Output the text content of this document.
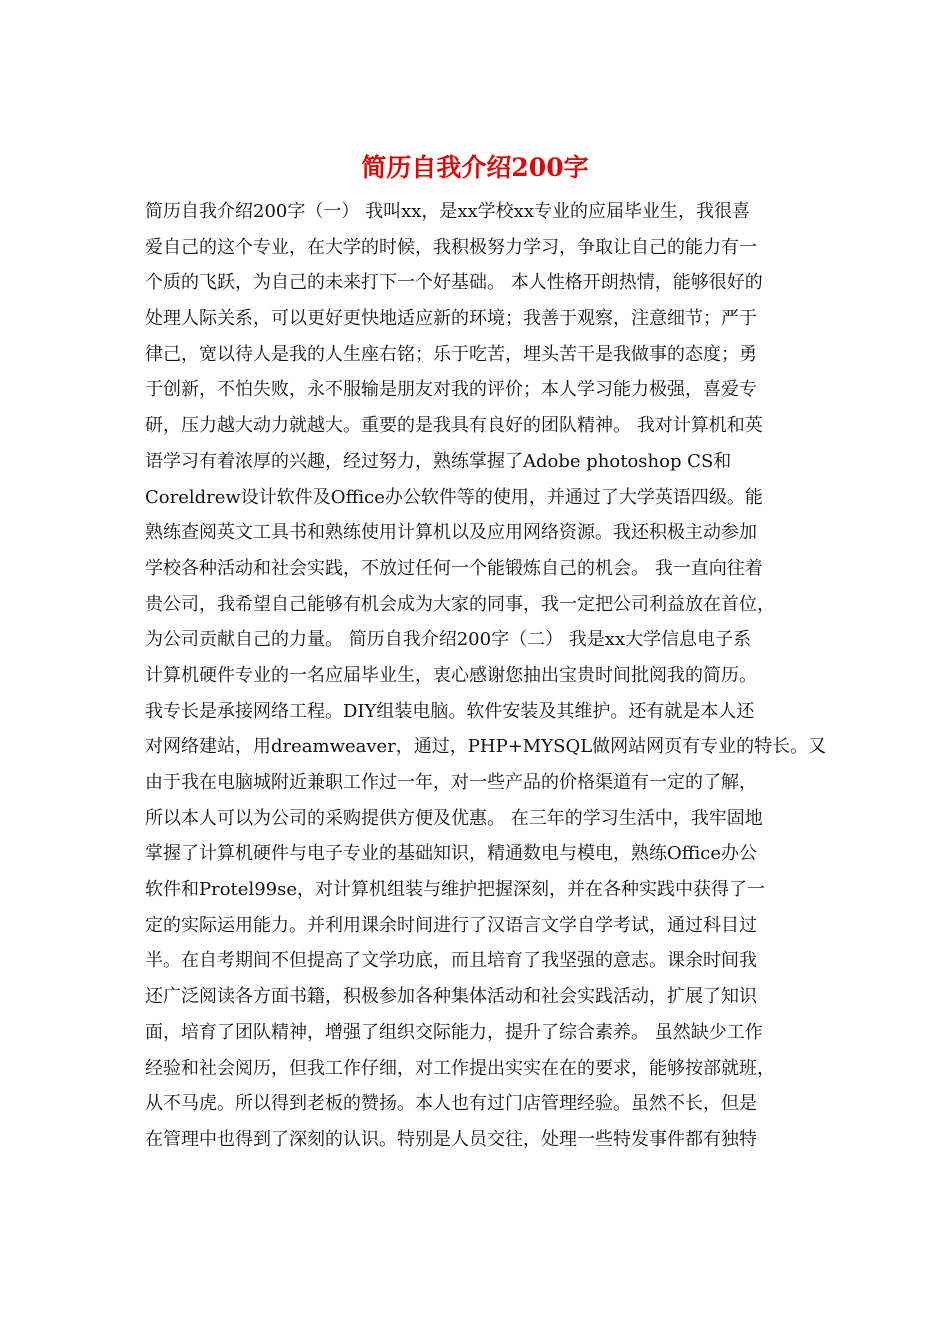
简历自我介绍200字
简历自我介绍200字（一） 我叫xx，是xx学校xx专业的应届毕业生，我很喜
爱自己的这个专业，在大学的时候，我积极努力学习，争取让自己的能力有一
个质的飞跃，为自己的未来打下一个好基础。 本人性格开朗热情，能够很好的
处理人际关系，可以更好更快地适应新的环境；我善于观察，注意细节；严于
律己，宽以待人是我的人生座右铭；乐于吃苦，埋头苦干是我做事的态度；勇
于创新，不怕失败，永不服输是朋友对我的评价；本人学习能力极强，喜爱专
研，压力越大动力就越大。重要的是我具有良好的团队精神。 我对计算机和英
语学习有着浓厚的兴趣，经过努力，熟练掌握了Adobe photoshop CS和
Coreldrew设计软件及Office办公软件等的使用，并通过了大学英语四级。能
熟练查阅英文工具书和熟练使用计算机以及应用网络资源。我还积极主动参加
学校各种活动和社会实践，不放过任何一个能锻炼自己的机会。 我一直向往着
贵公司，我希望自己能够有机会成为大家的同事，我一定把公司利益放在首位，
为公司贡献自己的力量。 简历自我介绍200字（二） 我是xx大学信息电子系
计算机硬件专业的一名应届毕业生，衷心感谢您抽出宝贵时间批阅我的简历。
我专长是承接网络工程。DIY组装电脑。软件安装及其维护。还有就是本人还
对网络建站，用dreamweaver，通过，PHP+MYSQL做网站网页有专业的特长。又
由于我在电脑城附近兼职工作过一年，对一些产品的价格渠道有一定的了解，
所以本人可以为公司的采购提供方便及优惠。 在三年的学习生活中，我牢固地
掌握了计算机硬件与电子专业的基础知识，精通数电与模电，熟练Office办公
软件和Protel99se，对计算机组装与维护把握深刻，并在各种实践中获得了一
定的实际运用能力。并利用课余时间进行了汉语言文学自学考试，通过科目过
半。在自考期间不但提高了文学功底，而且培育了我坚强的意志。课余时间我
还广泛阅读各方面书籍，积极参加各种集体活动和社会实践活动，扩展了知识
面，培育了团队精神，增强了组织交际能力，提升了综合素养。 虽然缺少工作
经验和社会阅历，但我工作仔细，对工作提出实实在在的要求，能够按部就班，
从不马虎。所以得到老板的赞扬。本人也有过门店管理经验。虽然不长，但是
在管理中也得到了深刻的认识。特别是人员交往，处理一些特发事件都有独特
